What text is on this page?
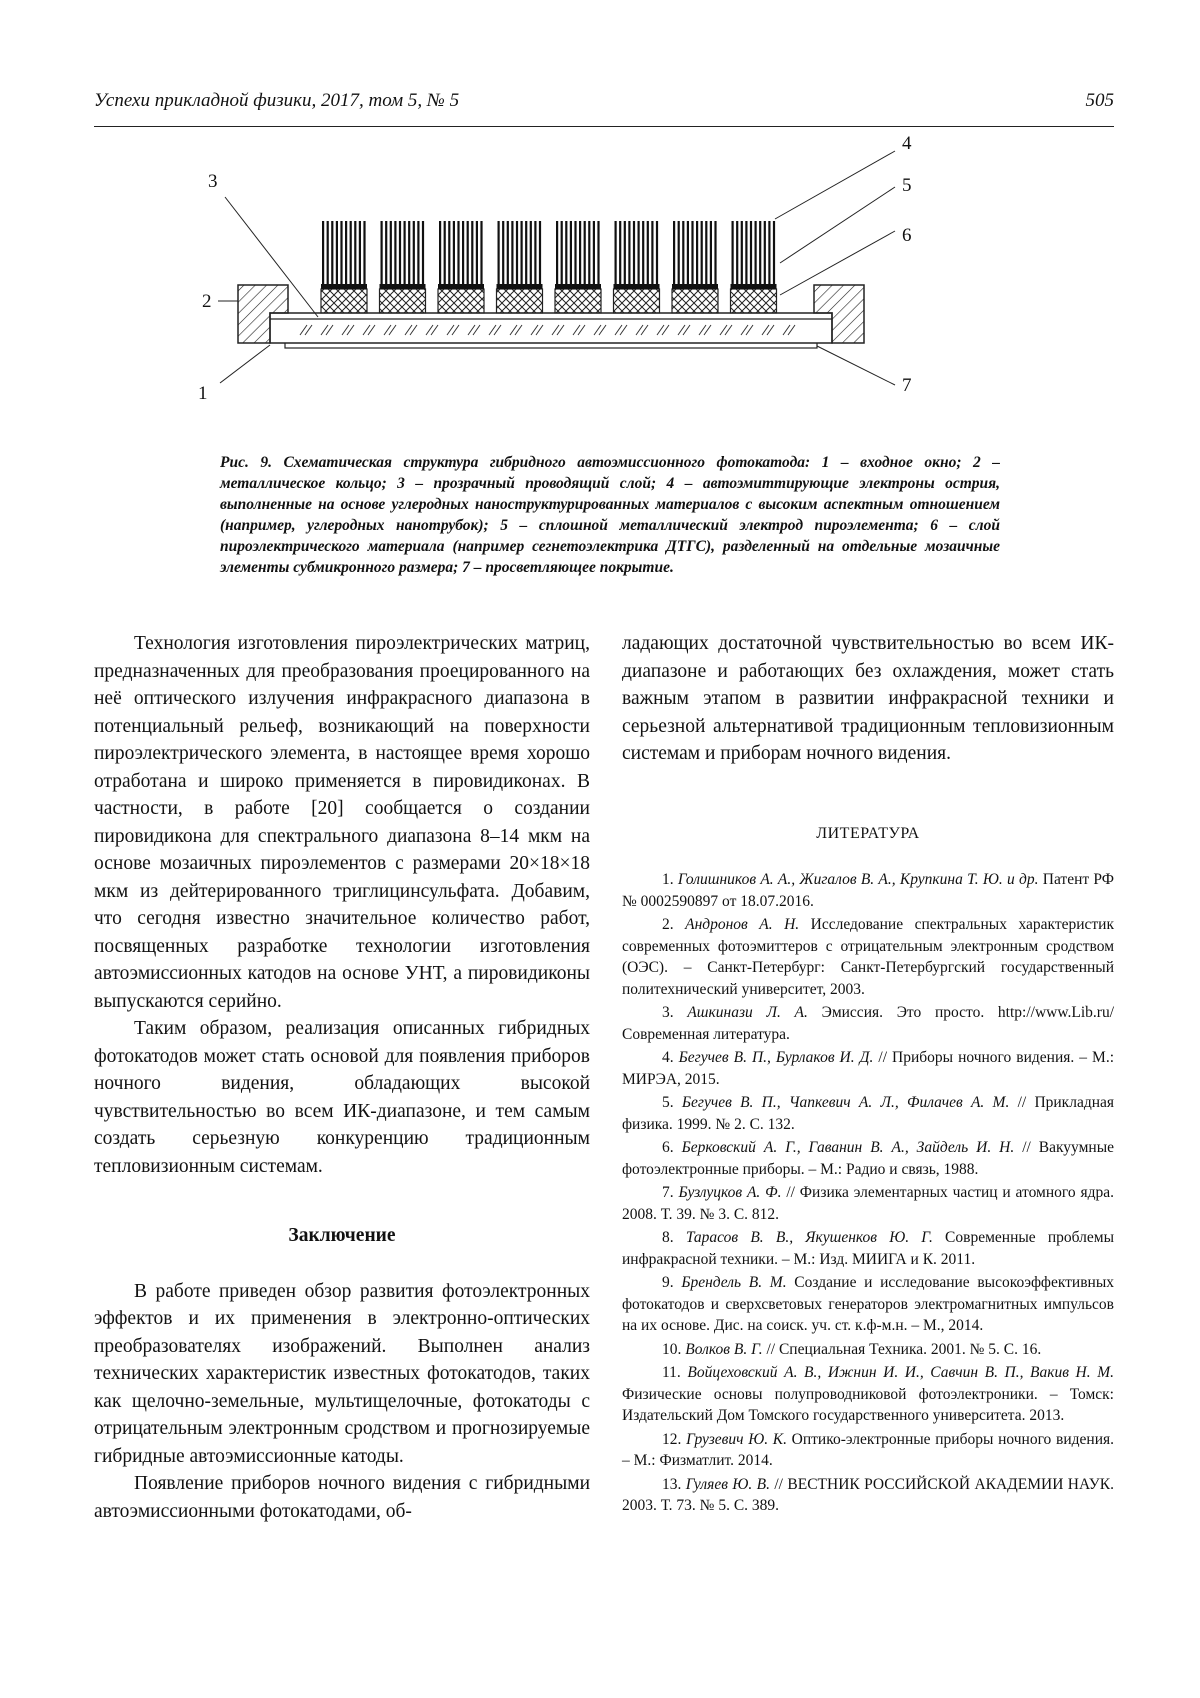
Успехи прикладной физики, 2017, том 5, № 5	505
3
2
1
4
5
6
7
Рис. 9. Схематическая структура гибридного автоэмиссионного фотокатода: 1 – входное окно; 2 – металлическое кольцо; 3 – прозрачный проводящий слой; 4 – автоэмиттирующие электроны острия, выполненные на основе углеродных наноструктурированных материалов с высоким аспектным отношением (например, углеродных нанотрубок); 5 – сплошной металлический электрод пироэлемента; 6 – слой пироэлектрического материала (например сегнетоэлектрика ДТГС), разделенный на отдельные мозаичные элементы субмикронного размера; 7 – просветляющее покрытие.

Технология изготовления пироэлектрических матриц, предназначенных для преобразования проецированного на неё оптического излучения инфракрасного диапазона в потенциальный рельеф, возникающий на поверхности пироэлектрического элемента, в настоящее время хорошо отработана и широко применяется в пировидиконах. В частности, в работе [20] сообщается о создании пировидикона для спектрального диапазона 8–14 мкм на основе мозаичных пироэлементов с размерами 20×18×18 мкм из дейтерированного триглицинсульфата. Добавим, что сегодня известно значительное количество работ, посвященных разработке технологии изготовления автоэмиссионных катодов на основе УНТ, а пировидиконы выпускаются серийно.

Таким образом, реализация описанных гибридных фотокатодов может стать основой для появления приборов ночного видения, обладающих высокой чувствительностью во всем ИК-диапазоне, и тем самым создать серьезную конкуренцию традиционным тепловизионным системам.

Заключение

В работе приведен обзор развития фотоэлектронных эффектов и их применения в электронно-оптических преобразователях изображений. Выполнен анализ технических характеристик известных фотокатодов, таких как щелочно-земельные, мультищелочные, фотокатоды с отрицательным электронным сродством и прогнозируемые гибридные автоэмиссионные катоды.

Появление приборов ночного видения с гибридными автоэмиссионными фотокатодами, об-

ладающих достаточной чувствительностью во всем ИК-диапазоне и работающих без охлаждения, может стать важным этапом в развитии инфракрасной техники и серьезной альтернативой традиционным тепловизионным системам и приборам ночного видения.

ЛИТЕРАТУРА

1. Голишников А. А., Жигалов В. А., Крупкина Т. Ю. и др. Патент РФ № 0002590897 от 18.07.2016.

2. Андронов А. Н. Исследование спектральных характеристик современных фотоэмиттеров с отрицательным электронным сродством (ОЭС). – Санкт-Петербург: Санкт-Петербургский государственный политехнический университет, 2003.

3. Ашкинази Л. А. Эмиссия. Это просто. http://www.Lib.ru/ Современная литература.

4. Бегучев В. П., Бурлаков И. Д. // Приборы ночного видения. – М.: МИРЭА, 2015.

5. Бегучев В. П., Чапкевич А. Л., Филачев А. М. // Прикладная физика. 1999. № 2. С. 132.

6. Берковский А. Г., Гаванин В. А., Зайдель И. Н. // Вакуумные фотоэлектронные приборы. – М.: Радио и связь, 1988.

7. Бузлуцков А. Ф. // Физика элементарных частиц и атомного ядра. 2008. Т. 39. № 3. С. 812.

8. Тарасов В. В., Якушенков Ю. Г. Современные проблемы инфракрасной техники. – М.: Изд. МИИГА и К. 2011.

9. Брендель В. М. Создание и исследование высокоэффективных фотокатодов и сверхсветовых генераторов электромагнитных импульсов на их основе. Дис. на соиск. уч. ст. к.ф-м.н. – М., 2014.

10. Волков В. Г. // Специальная Техника. 2001. № 5. С. 16.

11. Войцеховский А. В., Ижнин И. И., Савчин В. П., Вакив Н. М. Физические основы полупроводниковой фотоэлектроники. – Томск: Издательский Дом Томского государственного университета. 2013.

12. Грузевич Ю. К. Оптико-электронные приборы ночного видения. – М.: Физматлит. 2014.

13. Гуляев Ю. В. // ВЕСТНИК РОССИЙСКОЙ АКАДЕМИИ НАУК. 2003. Т. 73. № 5. С. 389.
